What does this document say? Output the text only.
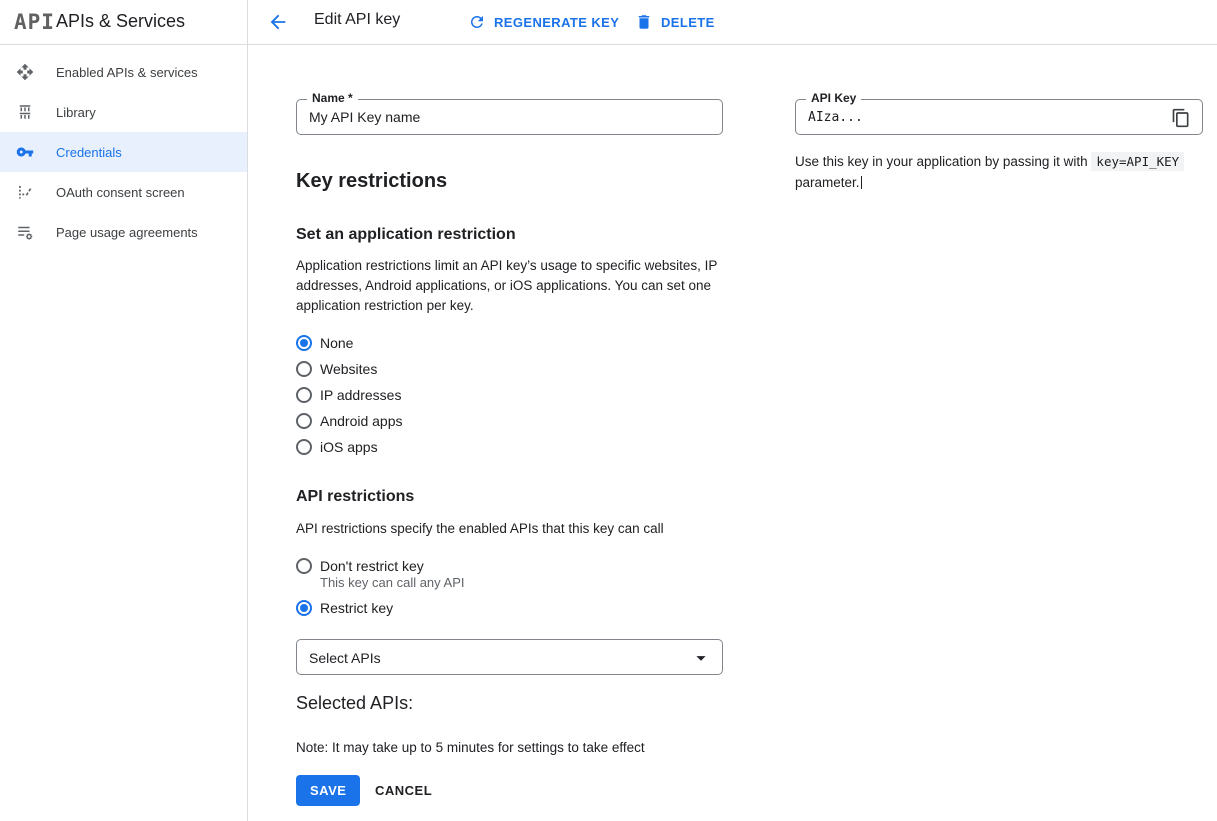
API APIs & Services	Edit API key	REGENERATE KEY	DELETE
Enabled APIs & services
Library
Credentials
OAuth consent screen
Page usage agreements
Name *
My API Key name
API Key
AIza...
Use this key in your application by passing it with key=API_KEY parameter.
Key restrictions
Set an application restriction
Application restrictions limit an API key’s usage to specific websites, IP addresses, Android applications, or iOS applications. You can set one application restriction per key.
None
Websites
IP addresses
Android apps
iOS apps
API restrictions
API restrictions specify the enabled APIs that this key can call
Don't restrict key
This key can call any API
Restrict key
Select APIs
Selected APIs:
Note: It may take up to 5 minutes for settings to take effect
SAVE	CANCEL
